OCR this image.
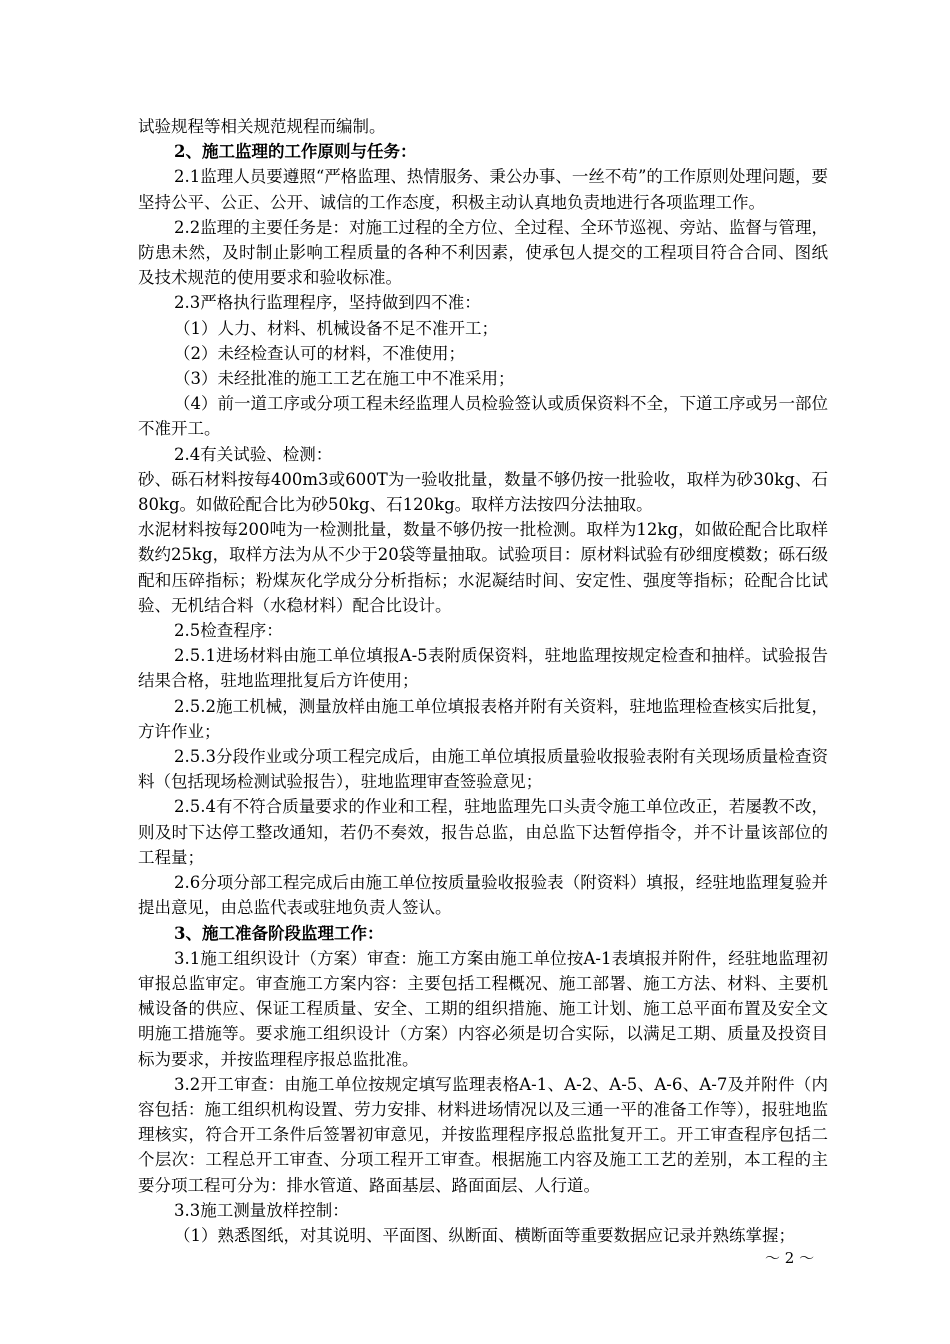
试验规程等相关规范规程而编制。

2、施工监理的工作原则与任务：

2.1监理人员要遵照“严格监理、热情服务、秉公办事、一丝不苟”的工作原则处理问题，要坚持公平、公正、公开、诚信的工作态度，积极主动认真地负责地进行各项监理工作。

2.2监理的主要任务是：对施工过程的全方位、全过程、全环节巡视、旁站、监督与管理，防患未然，及时制止影响工程质量的各种不利因素，使承包人提交的工程项目符合合同、图纸及技术规范的使用要求和验收标准。

2.3严格执行监理程序，坚持做到四不准：

（1）人力、材料、机械设备不足不准开工；

（2）未经检查认可的材料，不准使用；

（3）未经批准的施工工艺在施工中不准采用；

（4）前一道工序或分项工程未经监理人员检验签认或质保资料不全，下道工序或另一部位不准开工。

2.4有关试验、检测：

砂、砾石材料按每400m3或600T为一验收批量，数量不够仍按一批验收，取样为砂30kg、石80kg。如做砼配合比为砂50kg、石120kg。取样方法按四分法抽取。

水泥材料按每200吨为一检测批量，数量不够仍按一批检测。取样为12kg，如做砼配合比取样数约25kg，取样方法为从不少于20袋等量抽取。试验项目：原材料试验有砂细度模数；砾石级配和压碎指标；粉煤灰化学成分分析指标；水泥凝结时间、安定性、强度等指标；砼配合比试验、无机结合料（水稳材料）配合比设计。

2.5检查程序：

2.5.1进场材料由施工单位填报A-5表附质保资料，驻地监理按规定检查和抽样。试验报告结果合格，驻地监理批复后方许使用；

2.5.2施工机械，测量放样由施工单位填报表格并附有关资料，驻地监理检查核实后批复，方许作业；

2.5.3分段作业或分项工程完成后，由施工单位填报质量验收报验表附有关现场质量检查资料（包括现场检测试验报告），驻地监理审查签验意见；

2.5.4有不符合质量要求的作业和工程，驻地监理先口头责令施工单位改正，若屡教不改，则及时下达停工整改通知，若仍不奏效，报告总监，由总监下达暂停指令，并不计量该部位的工程量；

2.6分项分部工程完成后由施工单位按质量验收报验表（附资料）填报，经驻地监理复验并提出意见，由总监代表或驻地负责人签认。

3、施工准备阶段监理工作：

3.1施工组织设计（方案）审查：施工方案由施工单位按A-1表填报并附件，经驻地监理初审报总监审定。审查施工方案内容：主要包括工程概况、施工部署、施工方法、材料、主要机械设备的供应、保证工程质量、安全、工期的组织措施、施工计划、施工总平面布置及安全文明施工措施等。要求施工组织设计（方案）内容必须是切合实际，以满足工期、质量及投资目标为要求，并按监理程序报总监批准。

3.2开工审查：由施工单位按规定填写监理表格A-1、A-2、A-5、A-6、A-7及并附件（内容包括：施工组织机构设置、劳力安排、材料进场情况以及三通一平的准备工作等），报驻地监理核实，符合开工条件后签署初审意见，并按监理程序报总监批复开工。开工审查程序包括二个层次：工程总开工审查、分项工程开工审查。根据施工内容及施工工艺的差别，本工程的主要分项工程可分为：排水管道、路面基层、路面面层、人行道。

3.3施工测量放样控制：

（1）熟悉图纸，对其说明、平面图、纵断面、横断面等重要数据应记录并熟练掌握；

～ 2 ～
